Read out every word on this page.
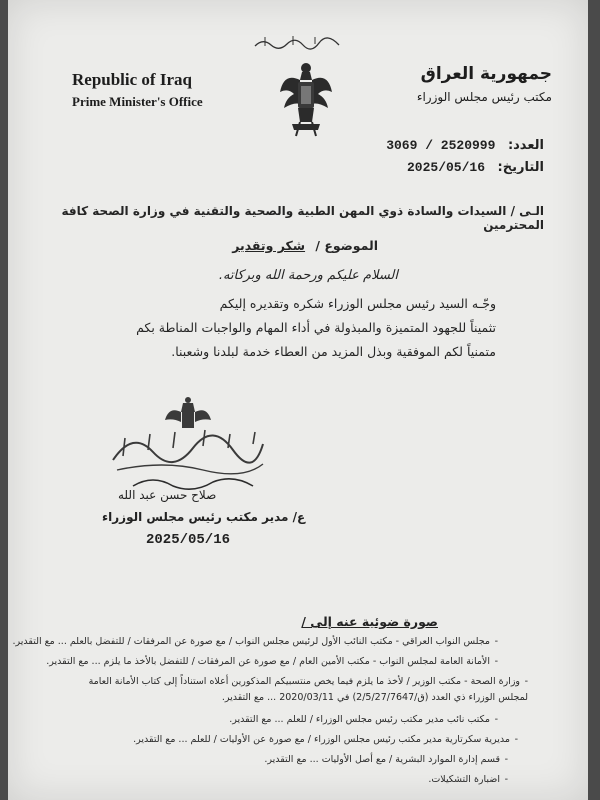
Republic of Iraq
Prime Minister's Office
جمهورية العراق
مكتب رئيس مجلس الوزراء
العدد: 3069 / 2520999
التاريخ: 2025/05/16
الـى / السيدات والسادة ذوي المهن الطبية والصحية والتقنية في وزارة الصحة كافة المحترمين
الموضوع / شكر وتقدير
السلام عليكم ورحمة الله وبركاته.
وجّـه السيد رئيس مجلس الوزراء شكره وتقديره إليكم
تثميناً للجهود المتميزة والمبذولة في أداء المهام والواجبات المناطة بكم
متمنياً لكم الموفقية وبذل المزيد من العطاء خدمة لبلدنا وشعبنا.
صلاح حسن عبد الله
ع/ مدير مكتب رئيس مجلس الوزراء
2025/05/16
صورة ضوئية عنه إلى /
-مجلس النواب العراقي - مكتب النائب الأول لرئيس مجلس النواب / مع صورة عن المرفقات / للتفضل بالعلم ... مع التقدير.
-الأمانة العامة لمجلس النواب - مكتب الأمين العام / مع صورة عن المرفقات / للتفضل بالأخذ ما يلزم ... مع التقدير.
-وزارة الصحة - مكتب الوزير / لأخذ ما يلزم فيما يخص منتسبيكم المذكورين أعلاه استناداً إلى كتاب الأمانة العامة
لمجلس الوزراء ذي العدد (ق/2/5/27/7647) في 2020/03/11 ... مع التقدير.
-مكتب نائب مدير مكتب رئيس مجلس الوزراء / للعلم ... مع التقدير.
-مديرية سكرتارية مدير مكتب رئيس مجلس الوزراء / مع صورة عن الأوليات / للعلم ... مع التقدير.
-قسم إدارة الموارد البشرية / مع أصل الأوليات ... مع التقدير.
-اضبارة التشكيلات.
